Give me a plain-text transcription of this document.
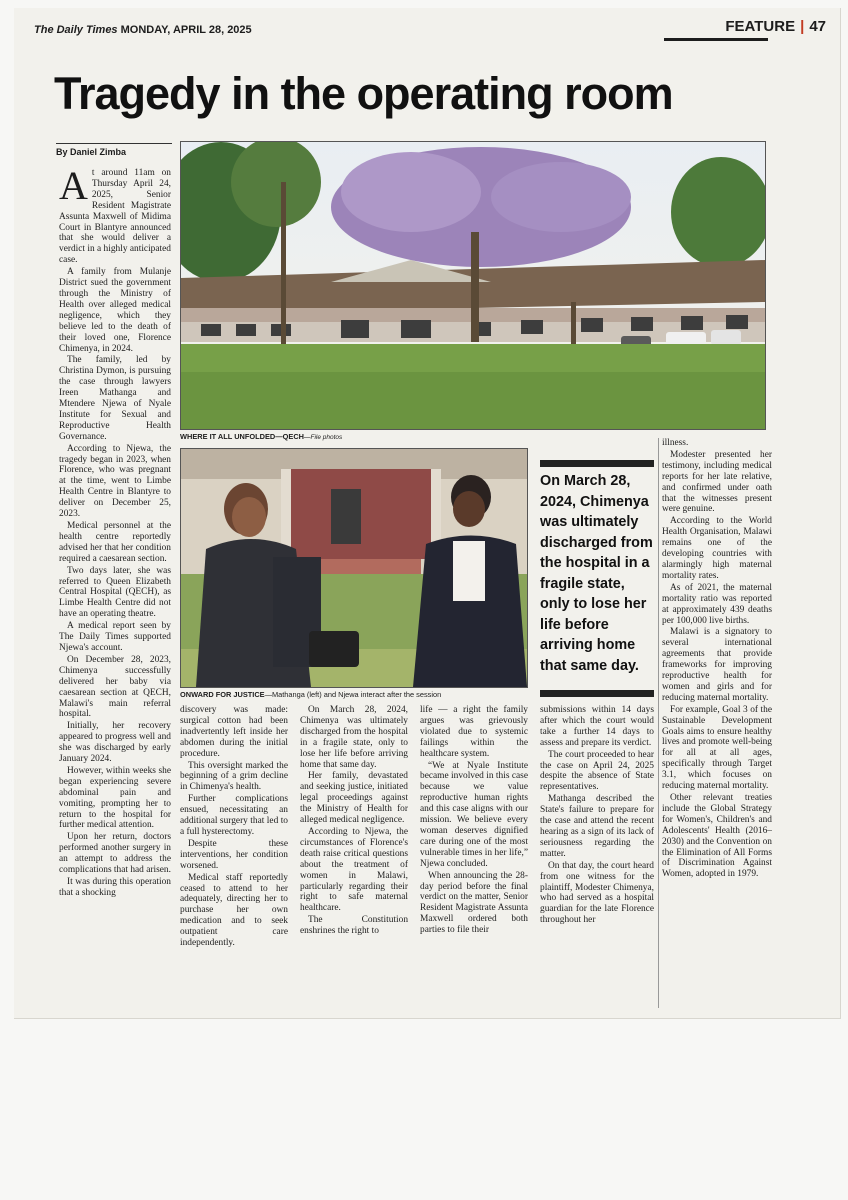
The Daily Times MONDAY, APRIL 28, 2025	FEATURE | 47
Tragedy in the operating room
By Daniel Zimba

At around 11am on Thursday April 24, 2025, Senior Resident Magistrate Assunta Maxwell of Midima Court in Blantyre announced that she would deliver a verdict in a highly anticipated case.

A family from Mulanje District sued the government through the Ministry of Health over alleged medical negligence, which they believe led to the death of their loved one, Florence Chimenya, in 2024.

The family, led by Christina Dymon, is pursuing the case through lawyers Ireen Mathanga and Mtendere Njewa of Nyale Institute for Sexual and Reproductive Health Governance.

According to Njewa, the tragedy began in 2023, when Florence, who was pregnant at the time, went to Limbe Health Centre in Blantyre to deliver on December 25, 2023.

Medical personnel at the health centre reportedly advised her that her condition required a caesarean section.

Two days later, she was referred to Queen Elizabeth Central Hospital (QECH), as Limbe Health Centre did not have an operating theatre.

A medical report seen by The Daily Times supported Njewa's account.

On December 28, 2023, Chimenya successfully delivered her baby via caesarean section at QECH, Malawi's main referral hospital.

Initially, her recovery appeared to progress well and she was discharged by early January 2024.

However, within weeks she began experiencing severe abdominal pain and vomiting, prompting her to return to the hospital for further medical attention.

Upon her return, doctors performed another surgery in an attempt to address the complications that had arisen.

It was during this operation that a shocking

WHERE IT ALL UNFOLDED—QECH—File photos
ONWARD FOR JUSTICE—Mathanga (left) and Njewa interact after the session
On March 28, 2024, Chimenya was ultimately discharged from the hospital in a fragile state, only to lose her life before arriving home that same day.

discovery was made: surgical cotton had been inadvertently left inside her abdomen during the initial procedure.

This oversight marked the beginning of a grim decline in Chimenya's health.

Further complications ensued, necessitating an additional surgery that led to a full hysterectomy.

Despite these interventions, her condition worsened.

Medical staff reportedly ceased to attend to her adequately, directing her to purchase her own medication and to seek outpatient care independently.

On March 28, 2024, Chimenya was ultimately discharged from the hospital in a fragile state, only to lose her life before arriving home that same day.

Her family, devastated and seeking justice, initiated legal proceedings against the Ministry of Health for alleged medical negligence.

According to Njewa, the circumstances of Florence's death raise critical questions about the treatment of women in Malawi, particularly regarding their right to safe maternal healthcare.

The Constitution enshrines the right to

life — a right the family argues was grievously violated due to systemic failings within the healthcare system.

“We at Nyale Institute became involved in this case because we value reproductive human rights and this case aligns with our mission. We believe every woman deserves dignified care during one of the most vulnerable times in her life,” Njewa concluded.

When announcing the 28-day period before the final verdict on the matter, Senior Resident Magistrate Assunta Maxwell ordered both parties to file their

submissions within 14 days after which the court would take a further 14 days to assess and prepare its verdict.

The court proceeded to hear the case on April 24, 2025 despite the absence of State representatives.

Mathanga described the State's failure to prepare for the case and attend the recent hearing as a sign of its lack of seriousness regarding the matter.

On that day, the court heard from one witness for the plaintiff, Modester Chimenya, who had served as a hospital guardian for the late Florence throughout her

illness.

Modester presented her testimony, including medical reports for her late relative, and confirmed under oath that the witnesses present were genuine.

According to the World Health Organisation, Malawi remains one of the developing countries with alarmingly high maternal mortality rates.

As of 2021, the maternal mortality ratio was reported at approximately 439 deaths per 100,000 live births.

Malawi is a signatory to several international agreements that provide frameworks for improving reproductive health for women and girls and for reducing maternal mortality.

For example, Goal 3 of the Sustainable Development Goals aims to ensure healthy lives and promote well-being for all at all ages, specifically through Target 3.1, which focuses on reducing maternal mortality.

Other relevant treaties include the Global Strategy for Women's, Children's and Adolescents' Health (2016–2030) and the Convention on the Elimination of All Forms of Discrimination Against Women, adopted in 1979.
